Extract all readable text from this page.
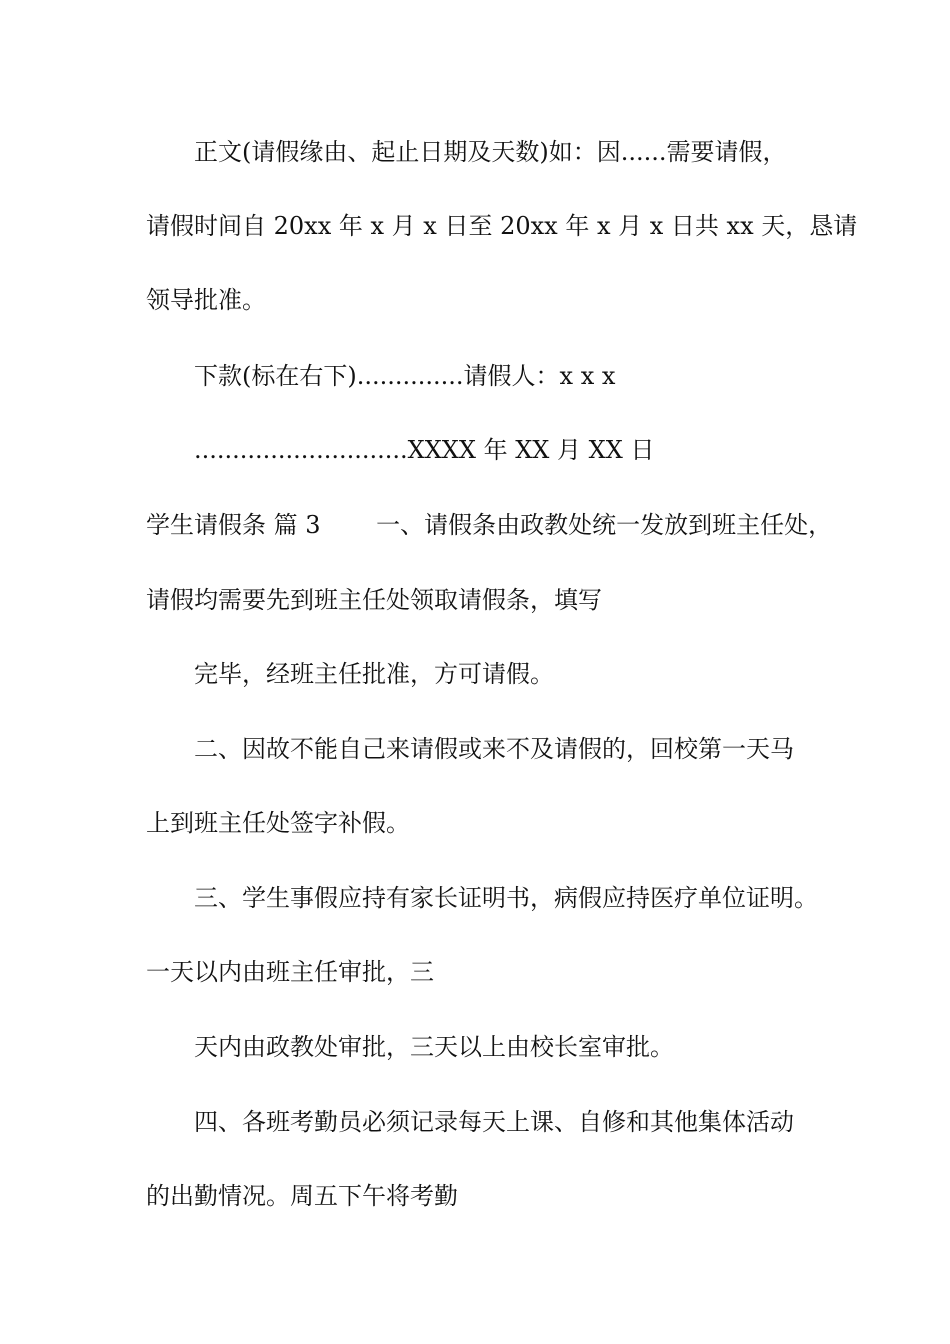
正文(请假缘由、起止日期及天数)如：因......需要请假，

请假时间自 20xx 年 x 月 x 日至 20xx 年 x 月 x 日共 xx 天，恳请

领导批准。

下款(标在右下)..............请假人：x x x

............................XXXX 年 XX 月 XX 日

学生请假条 篇 3 　　一、请假条由政教处统一发放到班主任处，

请假均需要先到班主任处领取请假条，填写

完毕，经班主任批准，方可请假。

二、因故不能自己来请假或来不及请假的，回校第一天马

上到班主任处签字补假。

三、学生事假应持有家长证明书，病假应持医疗单位证明。

一天以内由班主任审批，三

天内由政教处审批，三天以上由校长室审批。

四、各班考勤员必须记录每天上课、自修和其他集体活动

的出勤情况。周五下午将考勤
